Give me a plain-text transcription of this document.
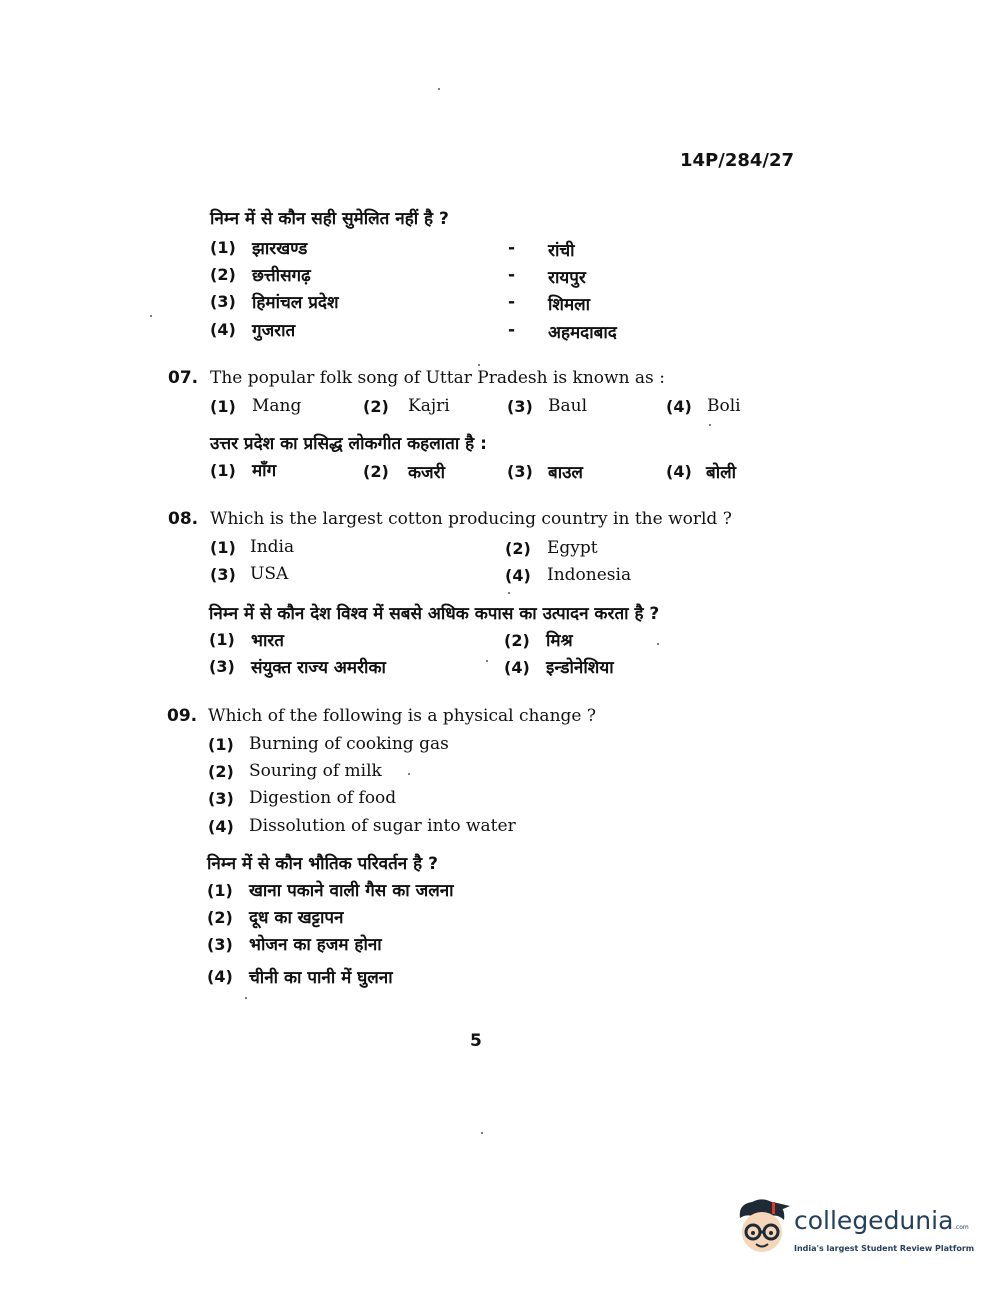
14P/284/27
निम्न में से कौन सही सुमेलित नहीं है ?
(1) झारखण्ड	- रांची
(2) छत्तीसगढ़	- रायपुर
(3) हिमांचल प्रदेश	- शिमला
(4) गुजरात	- अहमदाबाद
07. The popular folk song of Uttar Pradesh is known as :
(1) Mang	(2) Kajri	(3) Baul	(4) Boli
उत्तर प्रदेश का प्रसिद्ध लोकगीत कहलाता है :
(1) माँग	(2) कजरी	(3) बाउल	(4) बोली
08. Which is the largest cotton producing country in the world ?
(1) India	(2) Egypt
(3) USA	(4) Indonesia
निम्न में से कौन देश विश्व में सबसे अधिक कपास का उत्पादन करता है ?
(1) भारत	(2) मिश्र
(3) संयुक्त राज्य अमरीका	(4) इन्डोनेशिया
09. Which of the following is a physical change ?
(1) Burning of cooking gas
(2) Souring of milk
(3) Digestion of food
(4) Dissolution of sugar into water
निम्न में से कौन भौतिक परिवर्तन है ?
(1) खाना पकाने वाली गैस का जलना
(2) दूध का खट्टापन
(3) भोजन का हजम होना
(4) चीनी का पानी में घुलना
5
collegedunia .com
India's largest Student Review Platform
